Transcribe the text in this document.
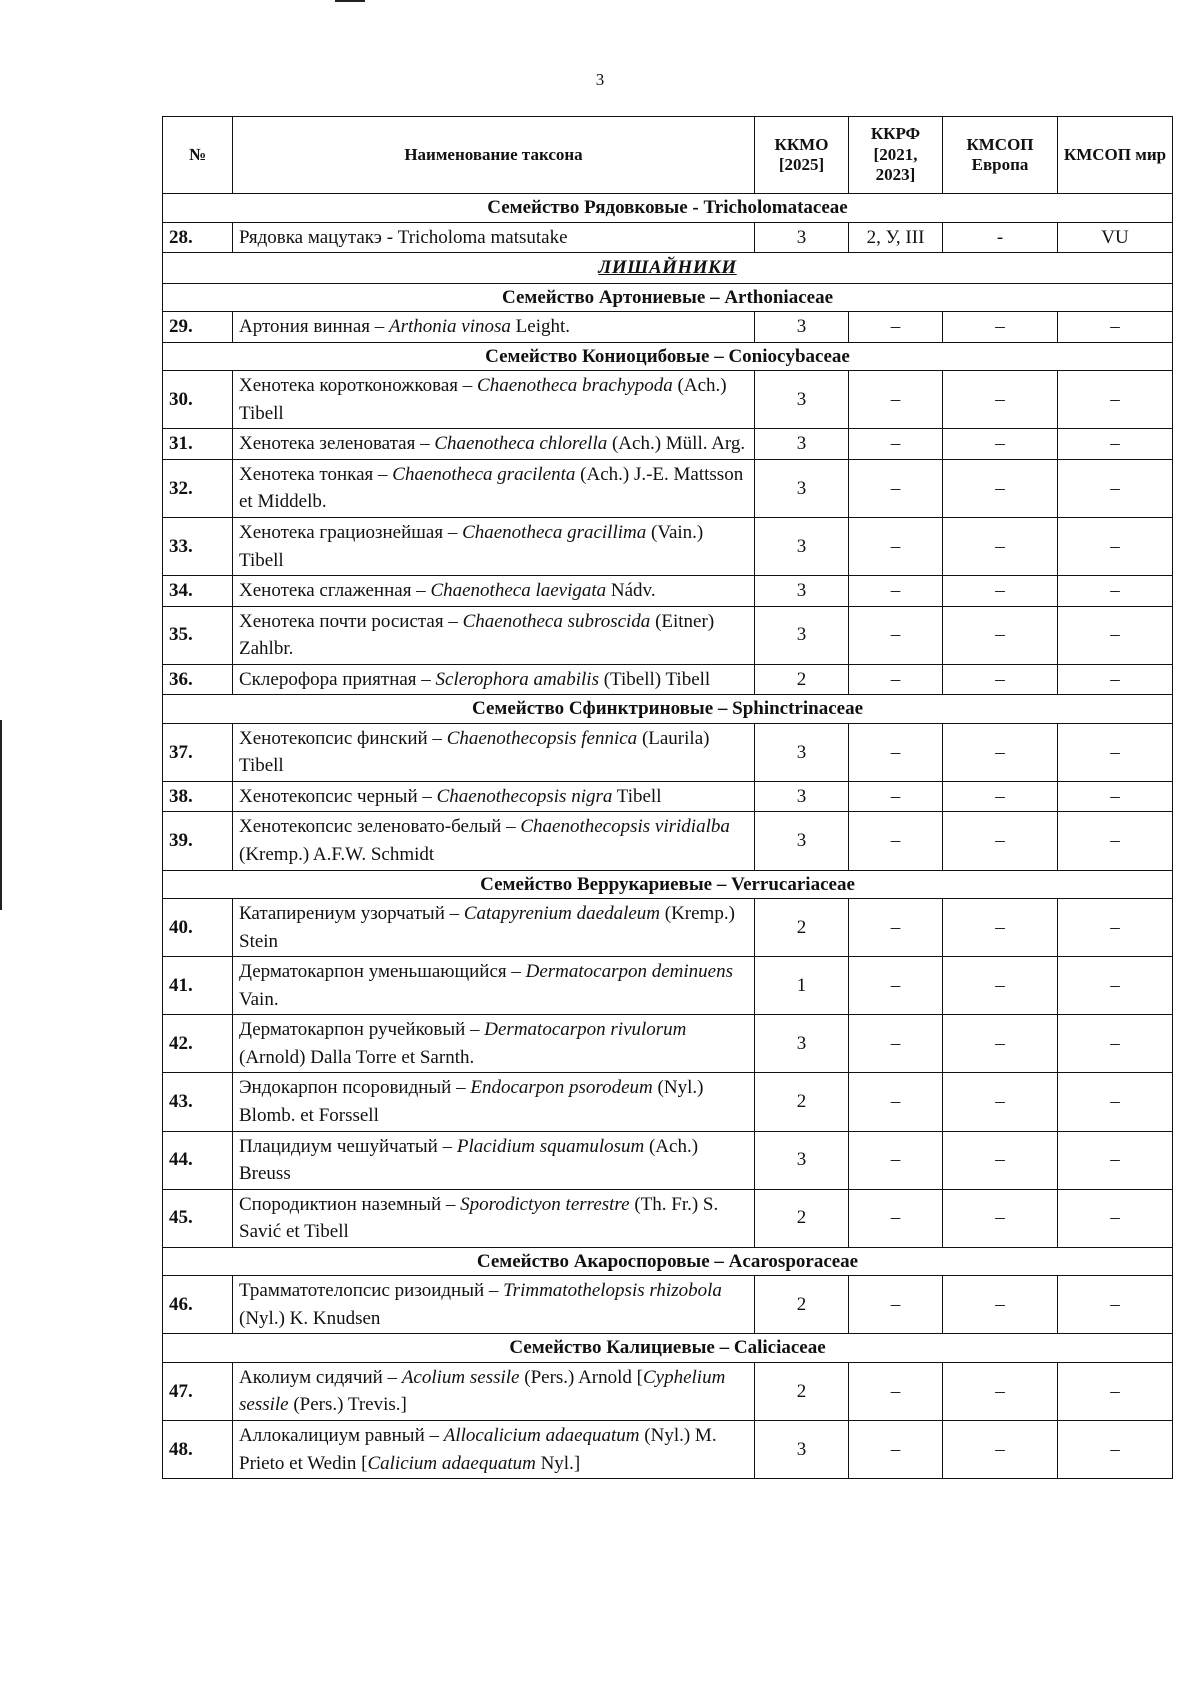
3
№	Наименование таксона	ККМО [2025]	ККРФ [2021, 2023]	КМСОП Европа	КМСОП мир
Семейство Рядовковые - Tricholomataceae					
28.	Рядовка мацутакэ - Tricholoma matsutake	3	2, У, III	-	VU
ЛИШАЙНИКИ					
Семейство Артониевые – Arthoniaceae					
29.	Артония винная – Arthonia vinosa Leight.	3	–	–	–
Семейство Кониоцибовые – Coniocybaceae					
30.	Хенотека коротконожковая – Chaenotheca brachypoda (Ach.) Tibell	3	–	–	–
31.	Хенотека зеленоватая – Chaenotheca chlorella (Ach.) Müll. Arg.	3	–	–	–
32.	Хенотека тонкая – Chaenotheca gracilenta (Ach.) J.-E. Mattsson et Middelb.	3	–	–	–
33.	Хенотека грациознейшая – Chaenotheca gracillima (Vain.) Tibell	3	–	–	–
34.	Хенотека сглаженная – Chaenotheca laevigata Nádv.	3	–	–	–
35.	Хенотека почти росистая – Chaenotheca subroscida (Eitner) Zahlbr.	3	–	–	–
36.	Склерофора приятная – Sclerophora amabilis (Tibell) Tibell	2	–	–	–
Семейство Сфинктриновые – Sphinctrinaceae					
37.	Хенотекопсис финский – Chaenothecopsis fennica (Laurila) Tibell	3	–	–	–
38.	Хенотекопсис черный – Chaenothecopsis nigra Tibell	3	–	–	–
39.	Хенотекопсис зеленовато-белый – Chaenothecopsis viridialba (Kremp.) A.F.W. Schmidt	3	–	–	–
Семейство Веррукариевые – Verrucariaceae					
40.	Катапирениум узорчатый – Catapyrenium daedaleum (Kremp.) Stein	2	–	–	–
41.	Дерматокарпон уменьшающийся – Dermatocarpon deminuens Vain.	1	–	–	–
42.	Дерматокарпон ручейковый – Dermatocarpon rivulorum (Arnold) Dalla Torre et Sarnth.	3	–	–	–
43.	Эндокарпон псоровидный – Endocarpon psorodeum (Nyl.) Blomb. et Forssell	2	–	–	–
44.	Плацидиум чешуйчатый – Placidium squamulosum (Ach.) Breuss	3	–	–	–
45.	Спородиктион наземный – Sporodictyon terrestre (Th. Fr.) S. Savić et Tibell	2	–	–	–
Семейство Акароспоровые – Acarosporaceae					
46.	Трамматотелопсис ризоидный – Trimmatothelopsis rhizobola (Nyl.) K. Knudsen	2	–	–	–
Семейство Калициевые – Caliciaceae					
47.	Аколиум сидячий – Acolium sessile (Pers.) Arnold [Cyphelium sessile (Pers.) Trevis.]	2	–	–	–
48.	Аллокалициум равный – Allocalicium adaequatum (Nyl.) M. Prieto et Wedin [Calicium adaequatum Nyl.]	3	–	–	–
